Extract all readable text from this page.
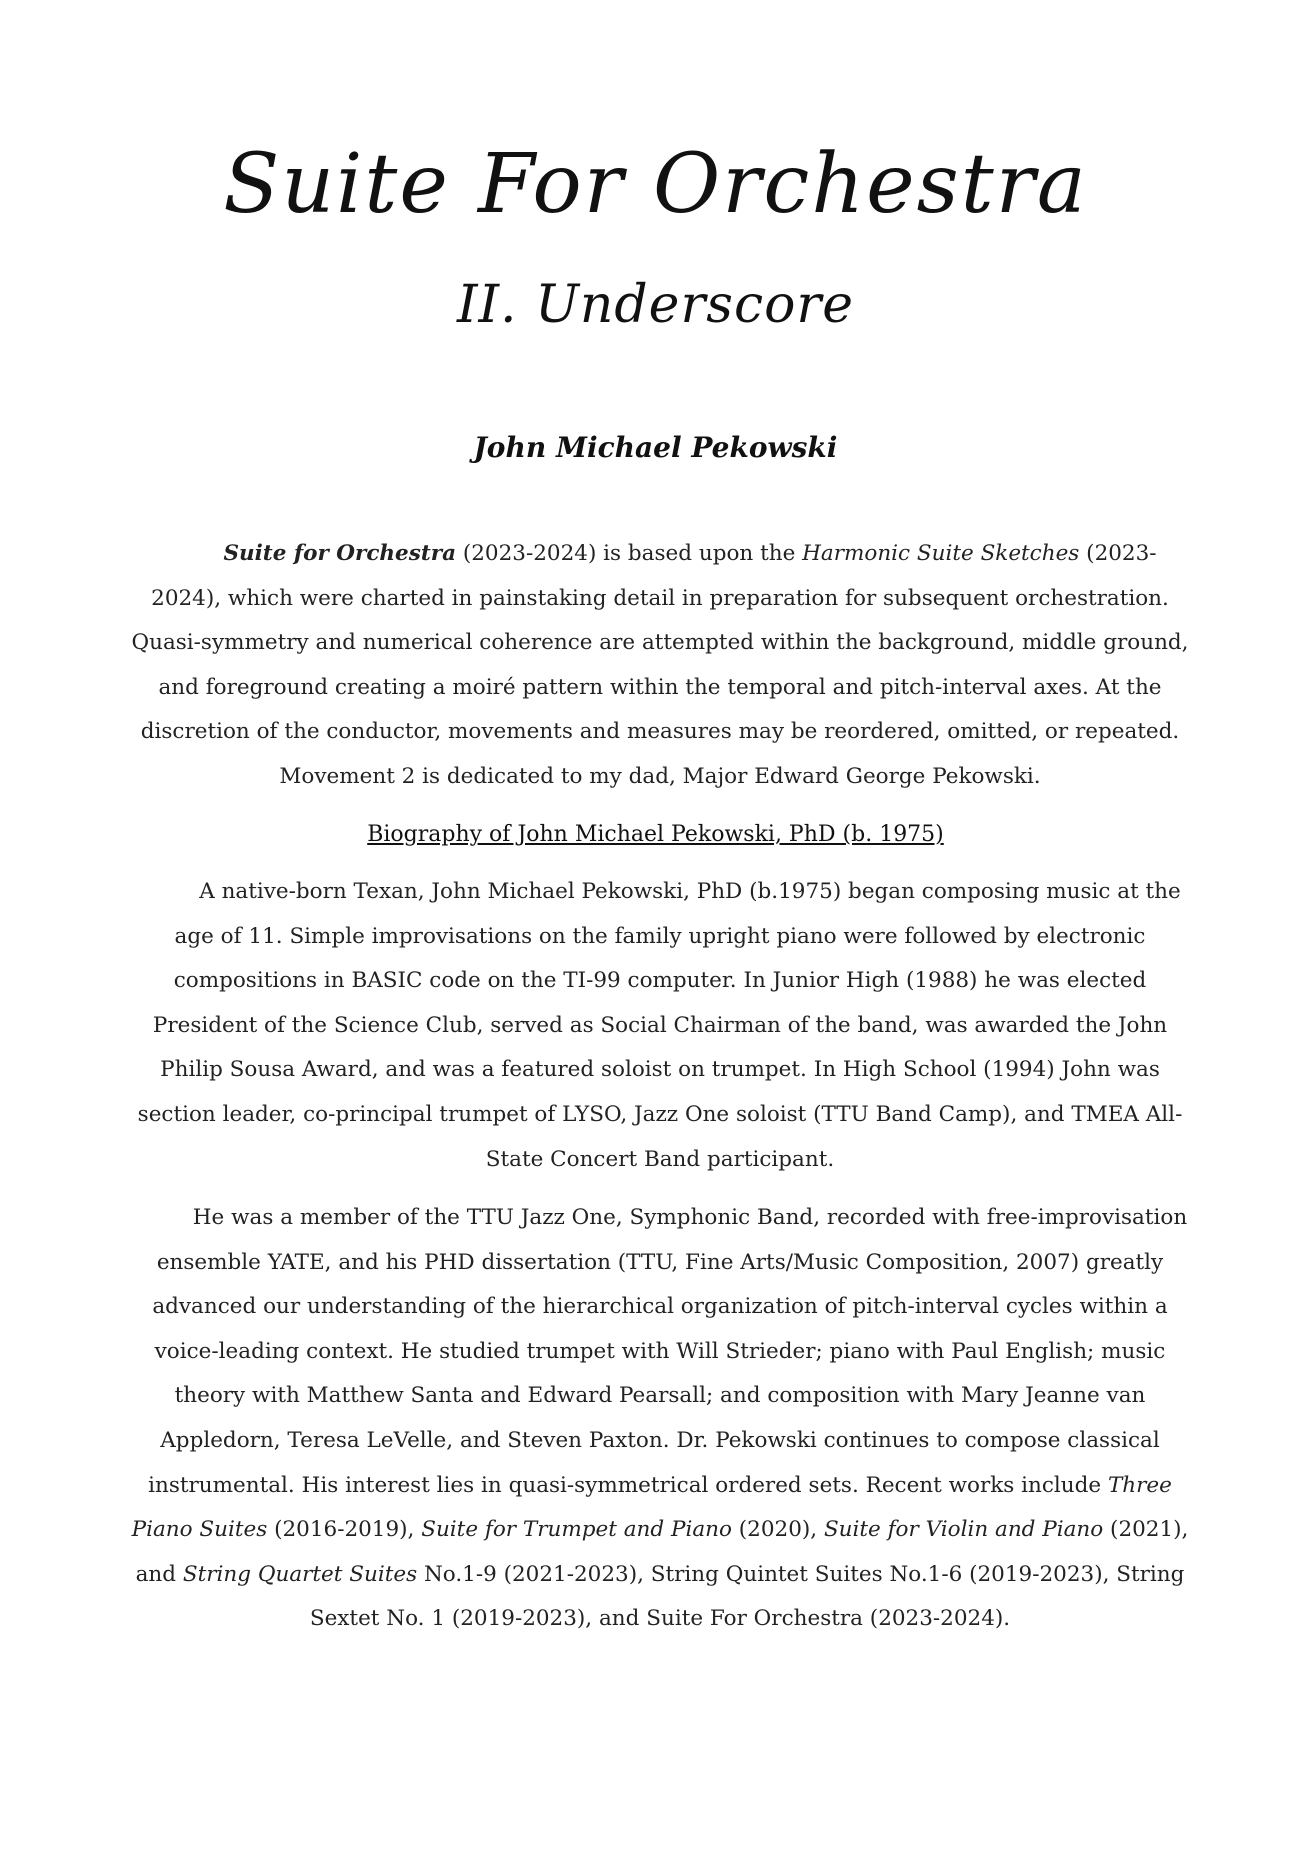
Suite For Orchestra
II. Underscore

John Michael Pekowski

Suite for Orchestra (2023-2024) is based upon the Harmonic Suite Sketches (2023-2024), which were charted in painstaking detail in preparation for subsequent orchestration. Quasi-symmetry and numerical coherence are attempted within the background, middle ground, and foreground creating a moiré pattern within the temporal and pitch-interval axes. At the discretion of the conductor, movements and measures may be reordered, omitted, or repeated. Movement 2 is dedicated to my dad, Major Edward George Pekowski.

Biography of John Michael Pekowski, PhD (b. 1975)

A native-born Texan, John Michael Pekowski, PhD (b.1975) began composing music at the age of 11. Simple improvisations on the family upright piano were followed by electronic compositions in BASIC code on the TI-99 computer. In Junior High (1988) he was elected President of the Science Club, served as Social Chairman of the band, was awarded the John Philip Sousa Award, and was a featured soloist on trumpet. In High School (1994) John was section leader, co-principal trumpet of LYSO, Jazz One soloist (TTU Band Camp), and TMEA All-State Concert Band participant.

He was a member of the TTU Jazz One, Symphonic Band, recorded with free-improvisation ensemble YATE, and his PHD dissertation (TTU, Fine Arts/Music Composition, 2007) greatly advanced our understanding of the hierarchical organization of pitch-interval cycles within a voice-leading context. He studied trumpet with Will Strieder; piano with Paul English; music theory with Matthew Santa and Edward Pearsall; and composition with Mary Jeanne van Appledorn, Teresa LeVelle, and Steven Paxton. Dr. Pekowski continues to compose classical instrumental. His interest lies in quasi-symmetrical ordered sets. Recent works include Three Piano Suites (2016-2019), Suite for Trumpet and Piano (2020), Suite for Violin and Piano (2021), and String Quartet Suites No.1-9 (2021-2023), String Quintet Suites No.1-6 (2019-2023), String Sextet No. 1 (2019-2023), and Suite For Orchestra (2023-2024).
